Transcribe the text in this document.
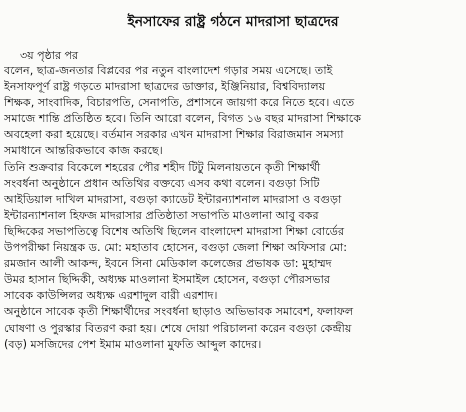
ইনসাফের রাষ্ট্র গঠনে মাদরাসা ছাত্রদের
৩য় পৃষ্ঠার পর
বলেন, ছাত্র-জনতার বিপ্লবের পর নতুন বাংলাদেশ গড়ার সময় এসেছে। তাই
ইনসাফপূর্ণ রাষ্ট্র গড়তে মাদরাসা ছাত্রদের ডাক্তার, ইঞ্জিনিয়ার, বিশ্ববিদ্যালয়
শিক্ষক, সাংবাদিক, বিচারপতি, সেনাপতি, প্রশাসনে জায়গা করে নিতে হবে। এতে
সমাজে শান্তি প্রতিষ্ঠিত হবে। তিনি আরো বলেন, বিগত ১৬ বছর মাদরাসা শিক্ষাকে
অবহেলা করা হয়েছে। বর্তমান সরকার এখন মাদরাসা শিক্ষার বিরাজমান সমস্যা
সমাধানে আন্তরিকভাবে কাজ করছে।
তিনি শুক্রবার বিকেলে শহরের পৌর শহীদ টিটু মিলনায়তনে কৃতী শিক্ষার্থী
সংবর্ধনা অনুষ্ঠানে প্রধান অতিথির বক্তব্যে এসব কথা বলেন। বগুড়া সিটি
আইডিয়াল দাখিল মাদরাসা, বগুড়া ক্যাডেট ইন্টারন্যাশনাল মাদরাসা ও বগুড়া
ইন্টারন্যাশনাল হিফজ মাদরাসার প্রতিষ্ঠাতা সভাপতি মাওলানা আবু বকর
ছিদ্দিকের সভাপতিত্বে বিশেষ অতিথি ছিলেন বাংলাদেশ মাদরাসা শিক্ষা বোর্ডের
উপপরীক্ষা নিয়ন্ত্রক ড. মো: মহাতাব হোসেন, বগুড়া জেলা শিক্ষা অফিসার মো:
রমজান আলী আকন্দ, ইবনে সিনা মেডিকাল কলেজের প্রভাষক ডা: মুহাম্মদ
উমর হাসান ছিদ্দিকী, অধ্যক্ষ মাওলানা ইসমাইল হোসেন, বগুড়া পৌরসভার
সাবেক কাউন্সিলর অধ্যক্ষ এরশাদুল বারী এরশাদ।
অনুষ্ঠানে সাবেক কৃতী শিক্ষার্থীদের সংবর্ধনা ছাড়াও অভিভাবক সমাবেশ, ফলাফল
ঘোষণা ও পুরস্কার বিতরণ করা হয়। শেষে দোয়া পরিচালনা করেন বগুড়া কেন্দ্রীয়
(বড়) মসজিদের পেশ ইমাম মাওলানা মুফতি আব্দুল কাদের।
